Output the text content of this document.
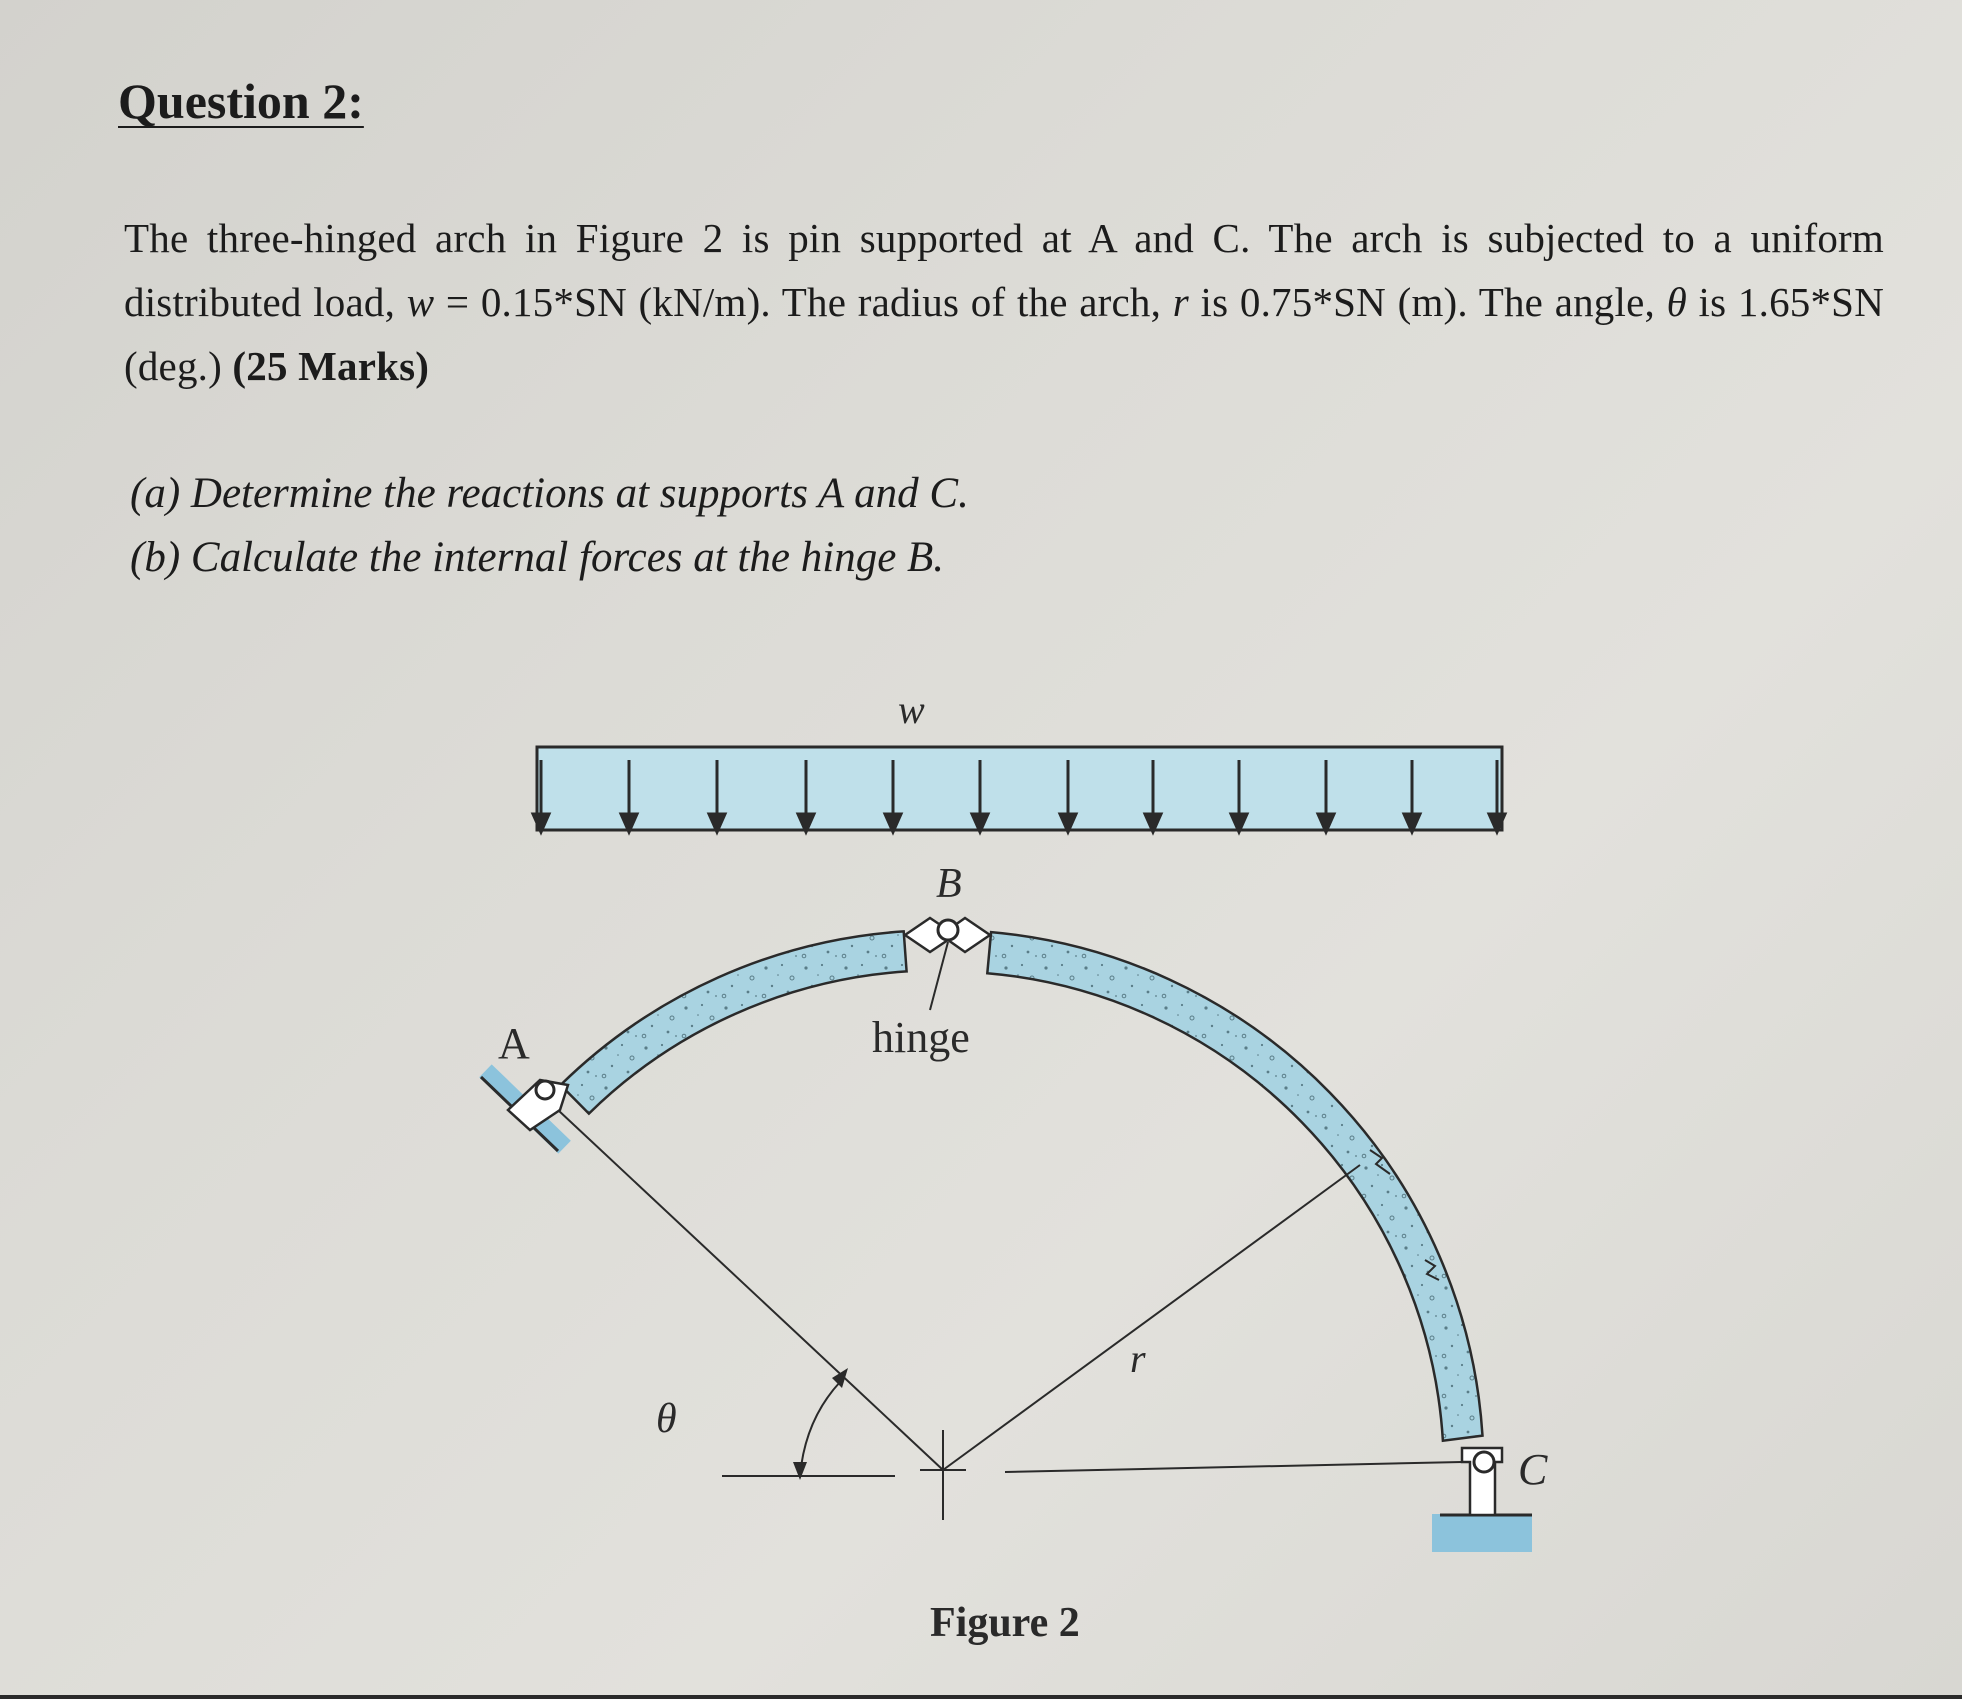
Question 2:
The three-hinged arch in Figure 2 is pin supported at A and C. The arch is subjected to a uniform distributed load, w = 0.15*SN (kN/m). The radius of the arch, r is 0.75*SN (m). The angle, θ is 1.65*SN (deg.) (25 Marks)
(a) Determine the reactions at supports A and C.
(b) Calculate the internal forces at the hinge B.
w
B
hinge
A
C
θ
r
Figure 2
